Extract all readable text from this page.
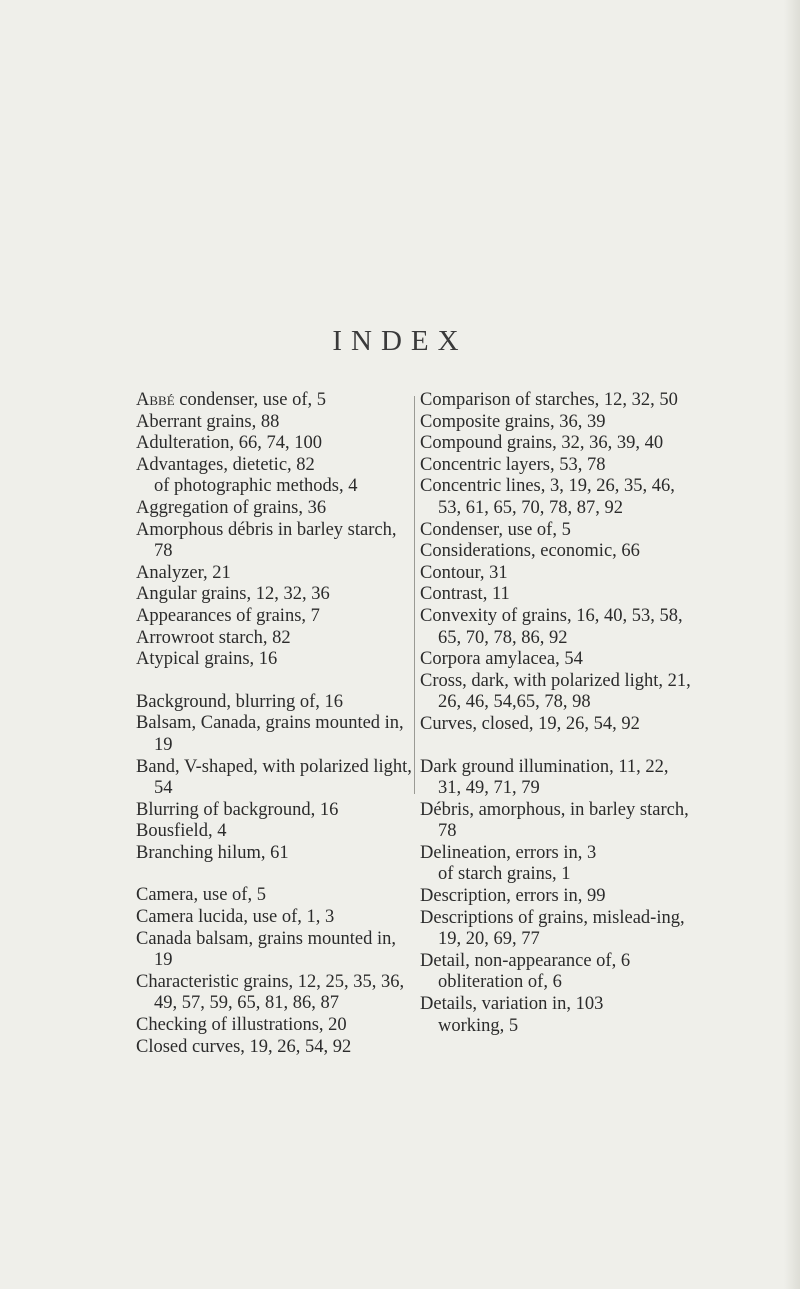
INDEX
Abbé condenser, use of, 5
Aberrant grains, 88
Adulteration, 66, 74, 100
Advantages, dietetic, 82
of photographic methods, 4
Aggregation of grains, 36
Amorphous débris in barley starch, 78
Analyzer, 21
Angular grains, 12, 32, 36
Appearances of grains, 7
Arrowroot starch, 82
Atypical grains, 16
Background, blurring of, 16
Balsam, Canada, grains mounted in, 19
Band, V-shaped, with polarized light, 54
Blurring of background, 16
Bousfield, 4
Branching hilum, 61
Camera, use of, 5
Camera lucida, use of, 1, 3
Canada balsam, grains mounted in, 19
Characteristic grains, 12, 25, 35, 36, 49, 57, 59, 65, 81, 86, 87
Checking of illustrations, 20
Closed curves, 19, 26, 54, 92
Comparison of starches, 12, 32, 50
Composite grains, 36, 39
Compound grains, 32, 36, 39, 40
Concentric layers, 53, 78
Concentric lines, 3, 19, 26, 35, 46, 53, 61, 65, 70, 78, 87, 92
Condenser, use of, 5
Considerations, economic, 66
Contour, 31
Contrast, 11
Convexity of grains, 16, 40, 53, 58, 65, 70, 78, 86, 92
Corpora amylacea, 54
Cross, dark, with polarized light, 21, 26, 46, 54,65, 78, 98
Curves, closed, 19, 26, 54, 92
Dark ground illumination, 11, 22, 31, 49, 71, 79
Débris, amorphous, in barley starch, 78
Delineation, errors in, 3
of starch grains, 1
Description, errors in, 99
Descriptions of grains, mislead-ing, 19, 20, 69, 77
Detail, non-appearance of, 6
obliteration of, 6
Details, variation in, 103
working, 5
